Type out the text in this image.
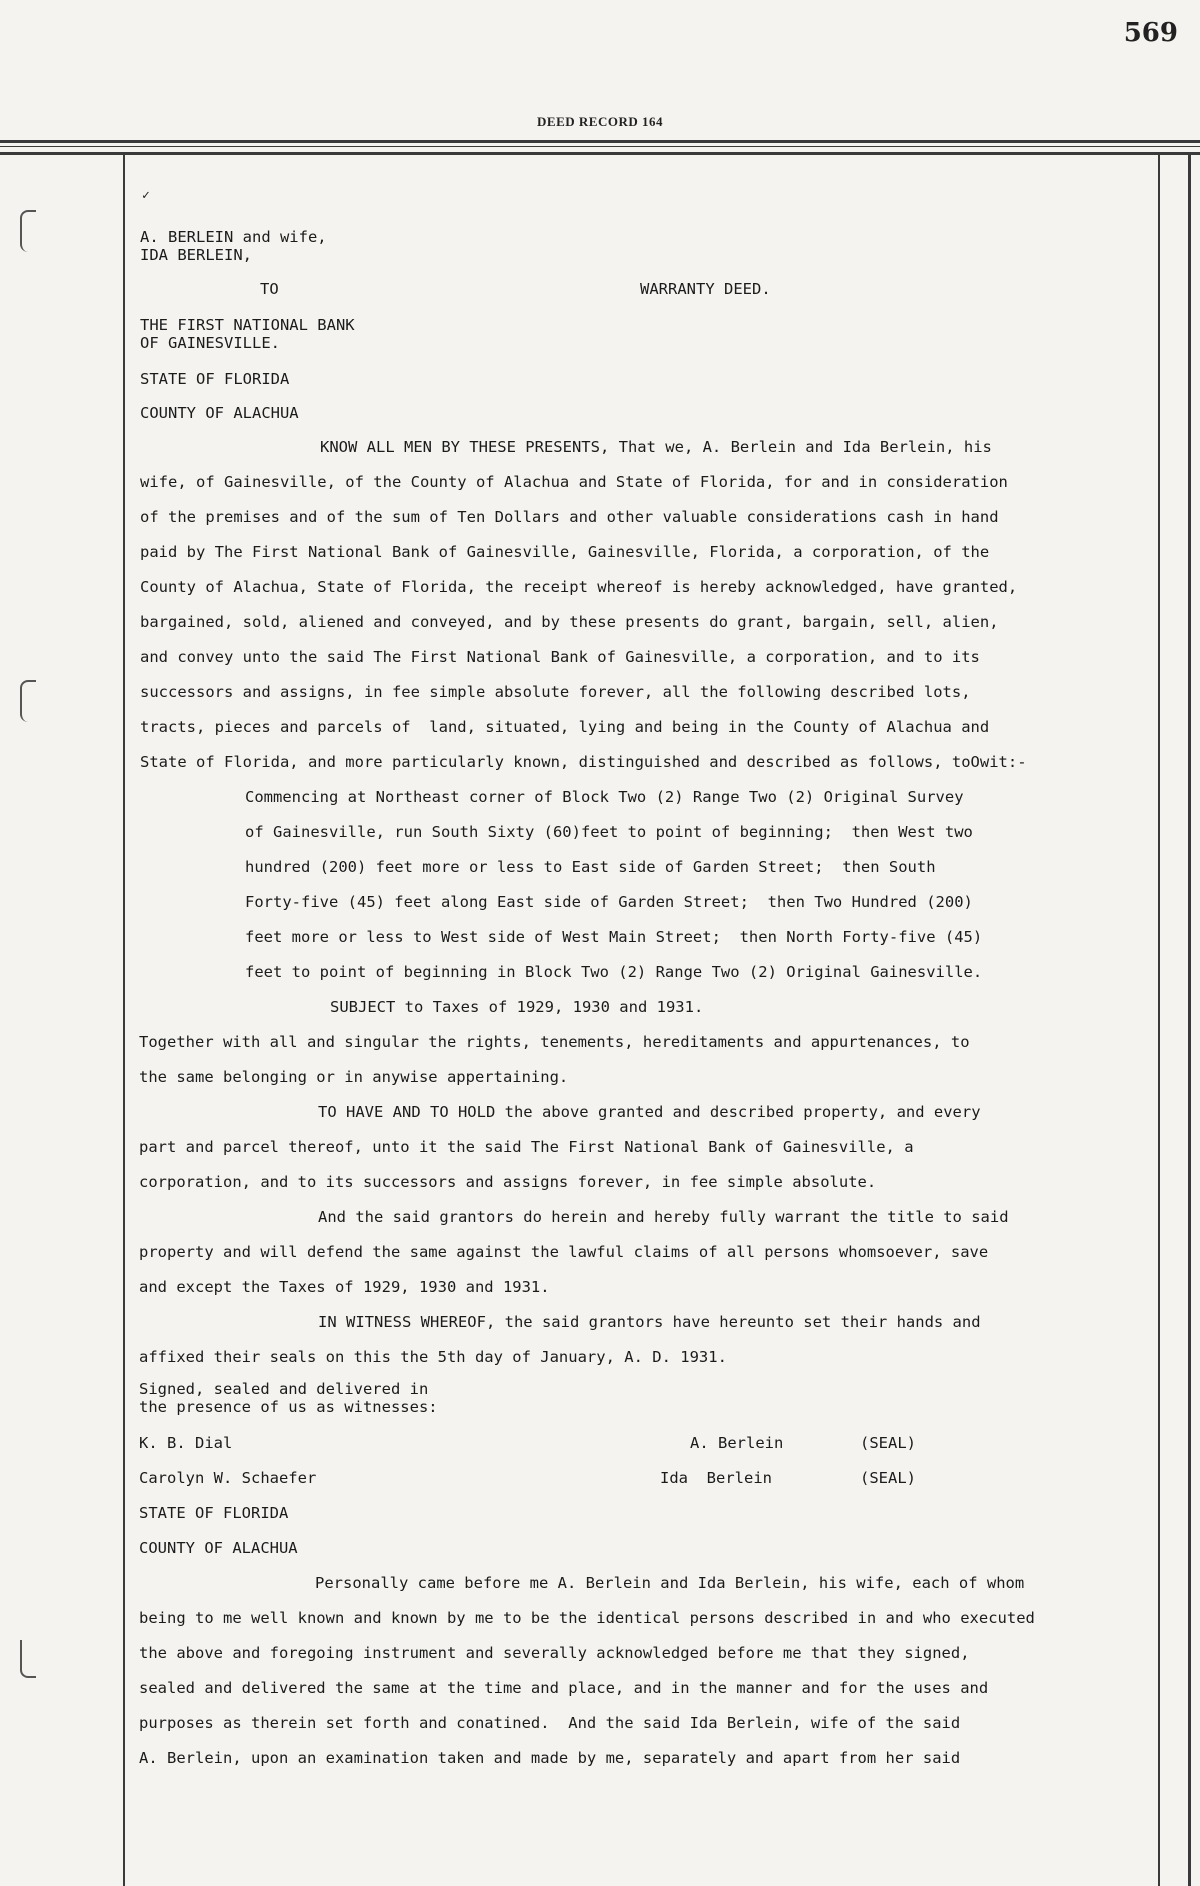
569
DEED RECORD 164
✓
A. BERLEIN and wife,
IDA BERLEIN,
TO	WARRANTY DEED.
THE FIRST NATIONAL BANK
OF GAINESVILLE.
STATE OF FLORIDA
COUNTY OF ALACHUA
KNOW ALL MEN BY THESE PRESENTS, That we, A. Berlein and Ida Berlein, his
wife, of Gainesville, of the County of Alachua and State of Florida, for and in consideration
of the premises and of the sum of Ten Dollars and other valuable considerations cash in hand
paid by The First National Bank of Gainesville, Gainesville, Florida, a corporation, of the
County of Alachua, State of Florida, the receipt whereof is hereby acknowledged, have granted,
bargained, sold, aliened and conveyed, and by these presents do grant, bargain, sell, alien,
and convey unto the said The First National Bank of Gainesville, a corporation, and to its
successors and assigns, in fee simple absolute forever, all the following described lots,
tracts, pieces and parcels of  land, situated, lying and being in the County of Alachua and
State of Florida, and more particularly known, distinguished and described as follows, toOwit:-
Commencing at Northeast corner of Block Two (2) Range Two (2) Original Survey
of Gainesville, run South Sixty (60)feet to point of beginning;  then West two
hundred (200) feet more or less to East side of Garden Street;  then South
Forty-five (45) feet along East side of Garden Street;  then Two Hundred (200)
feet more or less to West side of West Main Street;  then North Forty-five (45)
feet to point of beginning in Block Two (2) Range Two (2) Original Gainesville.
SUBJECT to Taxes of 1929, 1930 and 1931.
Together with all and singular the rights, tenements, hereditaments and appurtenances, to
the same belonging or in anywise appertaining.
TO HAVE AND TO HOLD the above granted and described property, and every
part and parcel thereof, unto it the said The First National Bank of Gainesville, a
corporation, and to its successors and assigns forever, in fee simple absolute.
And the said grantors do herein and hereby fully warrant the title to said
property and will defend the same against the lawful claims of all persons whomsoever, save
and except the Taxes of 1929, 1930 and 1931.
IN WITNESS WHEREOF, the said grantors have hereunto set their hands and
affixed their seals on this the 5th day of January, A. D. 1931.
Signed, sealed and delivered in
the presence of us as witnesses:
K. B. Dial	A. Berlein	(SEAL)
Carolyn W. Schaefer	Ida  Berlein	(SEAL)
STATE OF FLORIDA
COUNTY OF ALACHUA
Personally came before me A. Berlein and Ida Berlein, his wife, each of whom
being to me well known and known by me to be the identical persons described in and who executed
the above and foregoing instrument and severally acknowledged before me that they signed,
sealed and delivered the same at the time and place, and in the manner and for the uses and
purposes as therein set forth and conatined.  And the said Ida Berlein, wife of the said
A. Berlein, upon an examination taken and made by me, separately and apart from her said
